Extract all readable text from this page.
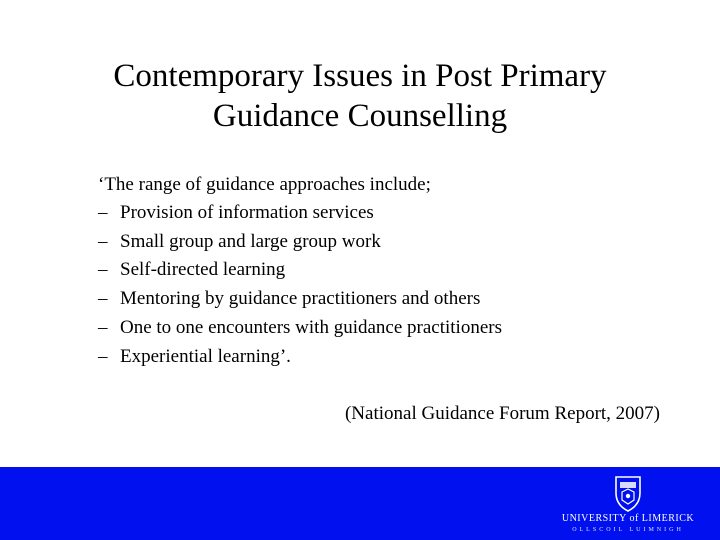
Contemporary Issues in Post Primary
Guidance Counselling

‘The range of guidance approaches include;

– Provision of information services
– Small group and large group work
– Self-directed learning
– Mentoring by guidance practitioners and others
– One to one encounters with guidance practitioners
– Experiential learning’.
(National Guidance Forum Report, 2007)
UNIVERSITY of LIMERICK
OLLSCOIL LUIMNIGH
